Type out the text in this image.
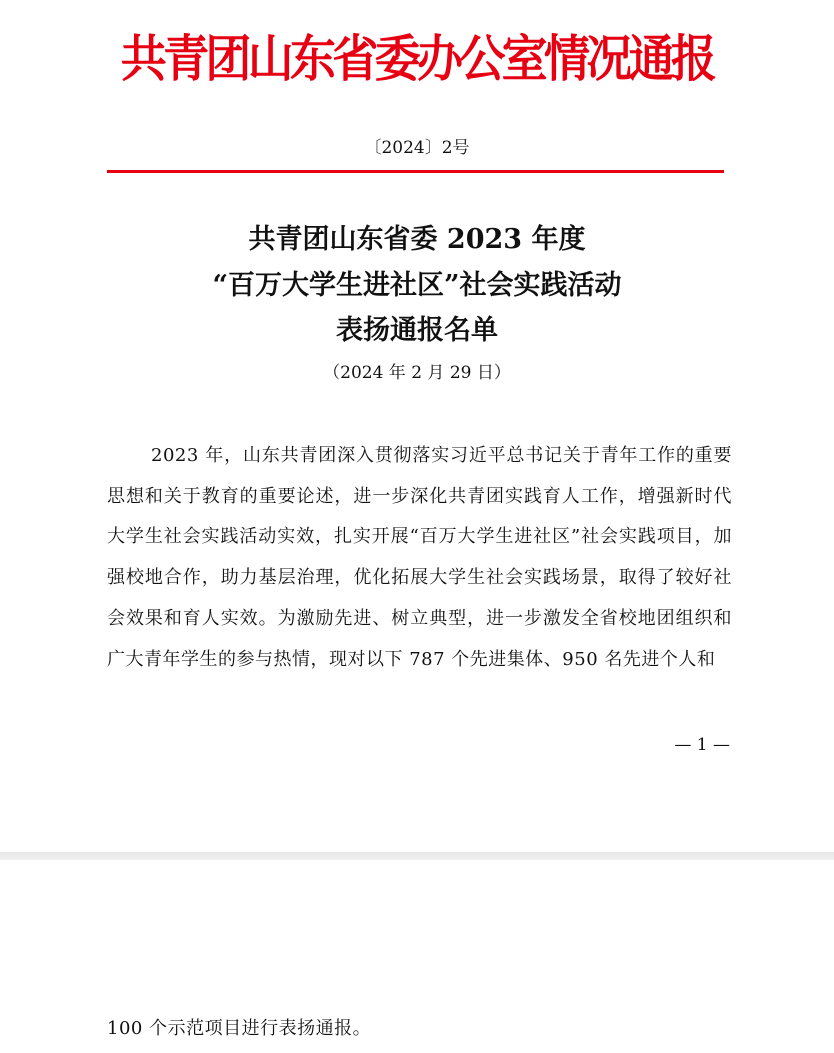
共青团山东省委办公室情况通报
〔2024〕2号
共青团山东省委 2023 年度
“百万大学生进社区”社会实践活动
表扬通报名单
（2024 年 2 月 29 日）
2023 年，山东共青团深入贯彻落实习近平总书记关于青年工作的重要思想和关于教育的重要论述，进一步深化共青团实践育人工作，增强新时代大学生社会实践活动实效，扎实开展“百万大学生进社区”社会实践项目，加强校地合作，助力基层治理，优化拓展大学生社会实践场景，取得了较好社会效果和育人实效。为激励先进、树立典型，进一步激发全省校地团组织和广大青年学生的参与热情，现对以下 787 个先进集体、950 名先进个人和
— 1 —
100 个示范项目进行表扬通报。
